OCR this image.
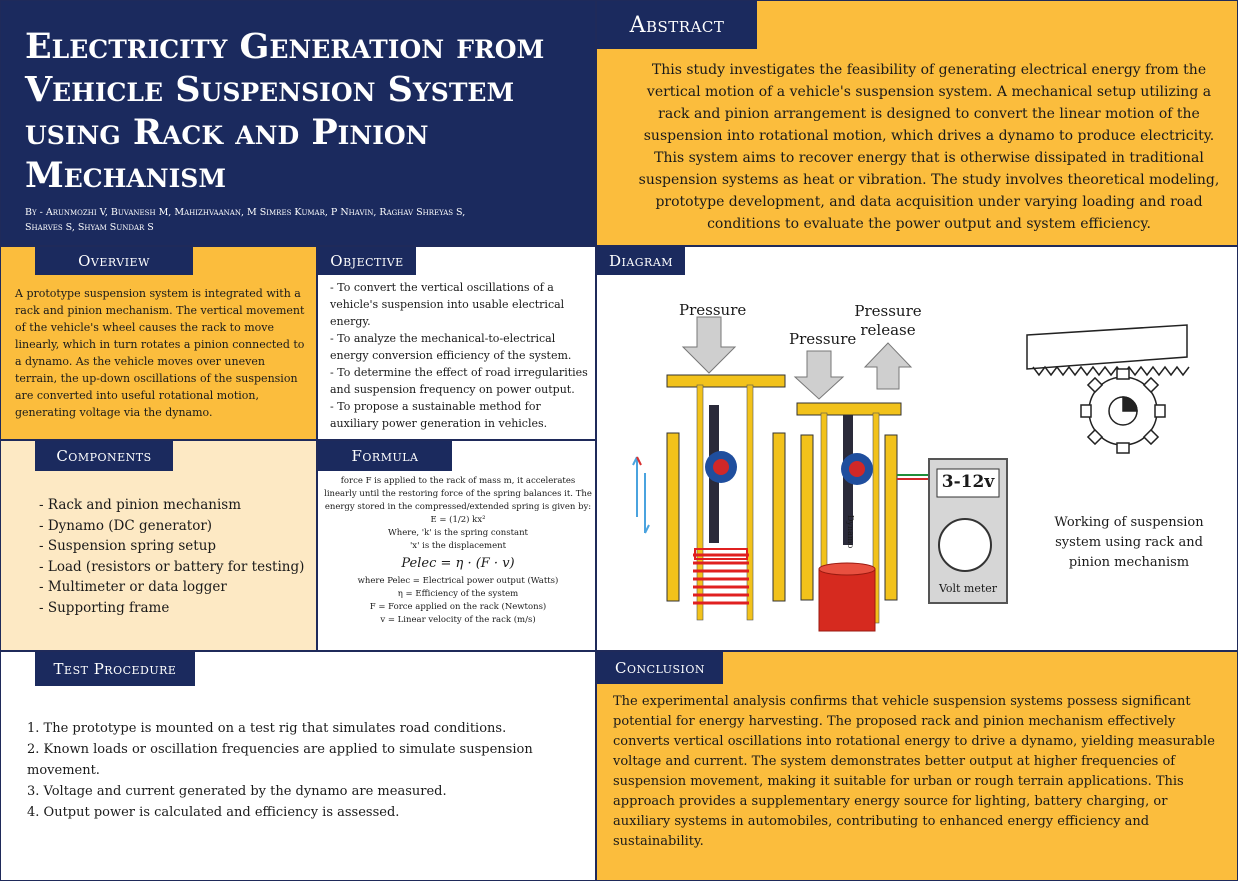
Electricity Generation from Vehicle Suspension System using Rack and Pinion Mechanism
By - Arunmozhi V, Buvanesh M, Mahizhvaanan, M Simres Kumar, P Nhavin, Raghav Shreyas S, Sharves S, Shyam Sundar S
Abstract
This study investigates the feasibility of generating electrical energy from the vertical motion of a vehicle's suspension system. A mechanical setup utilizing a rack and pinion arrangement is designed to convert the linear motion of the suspension into rotational motion, which drives a dynamo to produce electricity. This system aims to recover energy that is otherwise dissipated in traditional suspension systems as heat or vibration. The study involves theoretical modeling, prototype development, and data acquisition under varying loading and road conditions to evaluate the power output and system efficiency.
Overview
A prototype suspension system is integrated with a rack and pinion mechanism. The vertical movement of the vehicle's wheel causes the rack to move linearly, which in turn rotates a pinion connected to a dynamo. As the vehicle moves over uneven terrain, the up-down oscillations of the suspension are converted into useful rotational motion, generating voltage via the dynamo.
Objective
- To convert the vertical oscillations of a vehicle's suspension into usable electrical energy.
- To analyze the mechanical-to-electrical energy conversion efficiency of the system.
- To determine the effect of road irregularities and suspension frequency on power output.
- To propose a sustainable method for auxiliary power generation in vehicles.
Diagram
Pressure
Pressure
Pressure
release
Dynamo
3-12v
Volt meter
Working of suspension system using rack and pinion mechanism
Components
- Rack and pinion mechanism
- Dynamo (DC generator)
- Suspension spring setup
- Load (resistors or battery for testing)
- Multimeter or data logger
- Supporting frame
Formula
force F is applied to the rack of mass m, it accelerates linearly until the restoring force of the spring balances it. The energy stored in the compressed/extended spring is given by:
E = (1/2) kx²
Where, 'k' is the spring constant
'x' is the displacement
Pelec = η · (F · v)
where Pelec = Electrical power output (Watts)
η = Efficiency of the system
F = Force applied on the rack (Newtons)
v = Linear velocity of the rack (m/s)
Test Procedure
1. The prototype is mounted on a test rig that simulates road conditions.
2. Known loads or oscillation frequencies are applied to simulate suspension movement.
3. Voltage and current generated by the dynamo are measured.
4. Output power is calculated and efficiency is assessed.
Conclusion
The experimental analysis confirms that vehicle suspension systems possess significant potential for energy harvesting. The proposed rack and pinion mechanism effectively converts vertical oscillations into rotational energy to drive a dynamo, yielding measurable voltage and current. The system demonstrates better output at higher frequencies of suspension movement, making it suitable for urban or rough terrain applications. This approach provides a supplementary energy source for lighting, battery charging, or auxiliary systems in automobiles, contributing to enhanced energy efficiency and sustainability.
